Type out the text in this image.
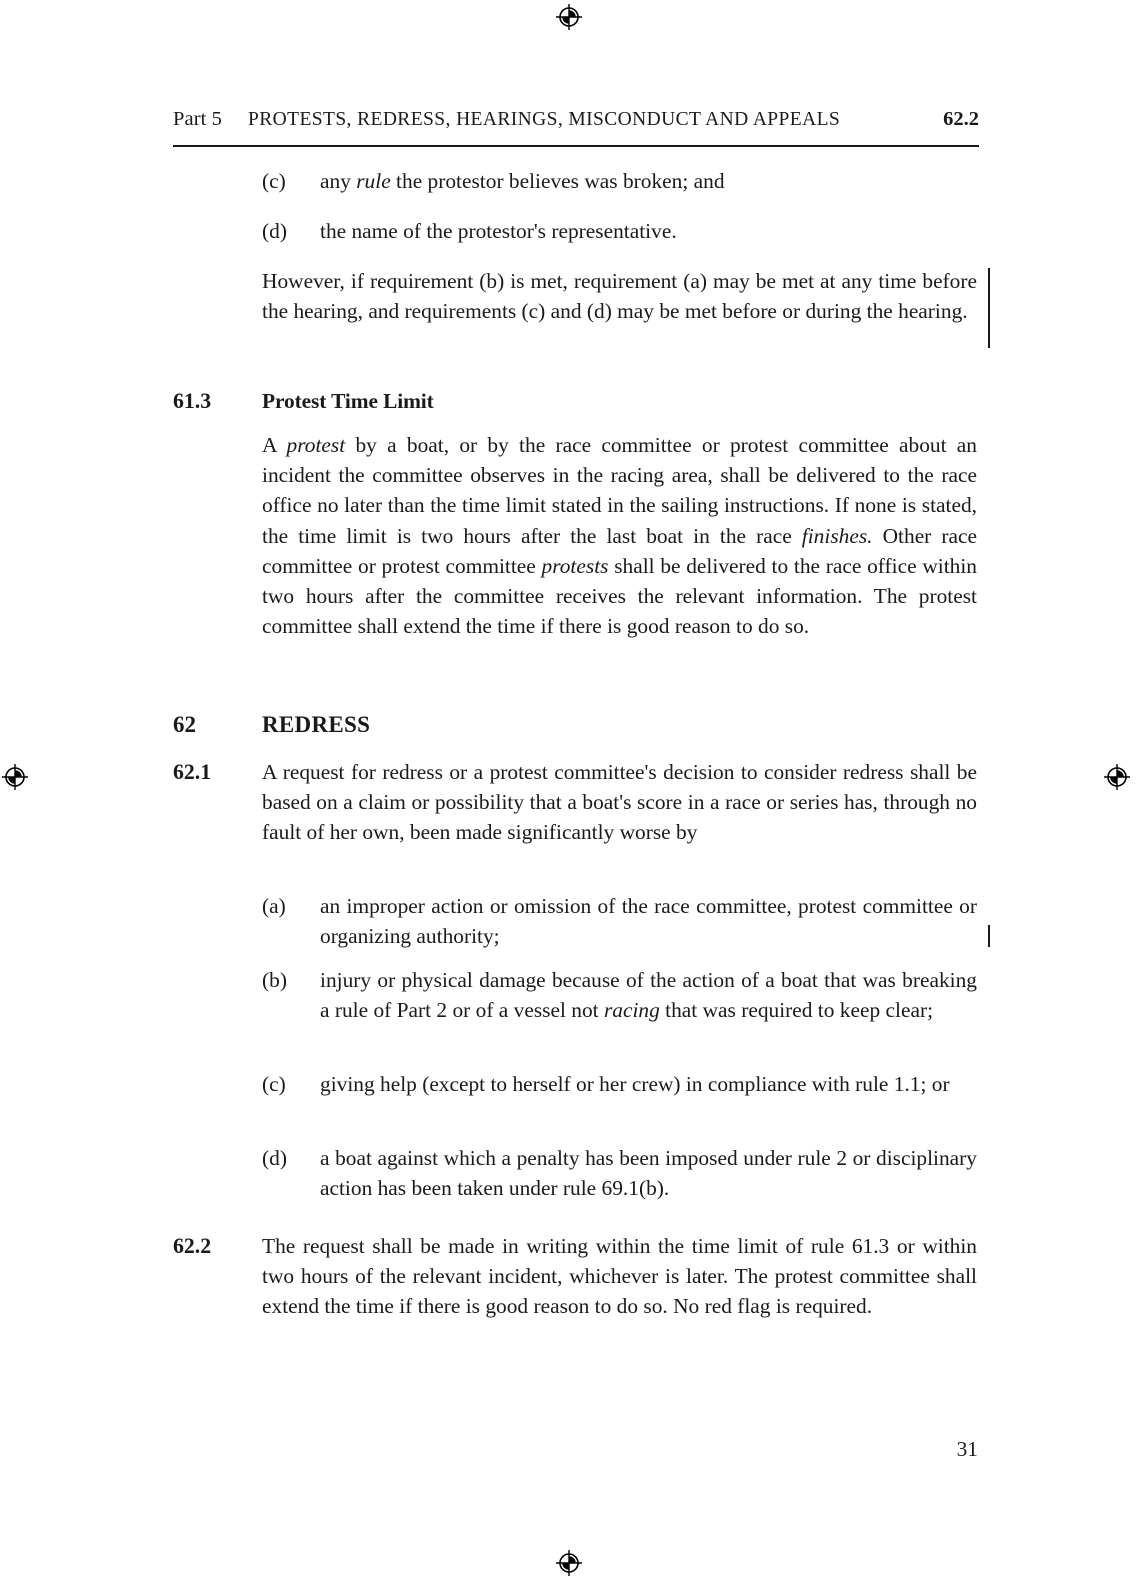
Part 5 PROTESTS, REDRESS, HEARINGS, MISCONDUCT AND APPEALS	62.2
(c)	any rule the protestor believes was broken; and
(d)	the name of the protestor's representative.
However, if requirement (b) is met, requirement (a) may be met at any time before the hearing, and requirements (c) and (d) may be met before or during the hearing.
61.3	Protest Time Limit
A protest by a boat, or by the race committee or protest committee about an incident the committee observes in the racing area, shall be delivered to the race office no later than the time limit stated in the sailing instructions. If none is stated, the time limit is two hours after the last boat in the race finishes. Other race committee or protest committee protests shall be delivered to the race office within two hours after the committee receives the relevant information. The protest committee shall extend the time if there is good reason to do so.
62	REDRESS
62.1	A request for redress or a protest committee's decision to consider redress shall be based on a claim or possibility that a boat's score in a race or series has, through no fault of her own, been made significantly worse by
(a)	an improper action or omission of the race committee, protest committee or organizing authority;
(b)	injury or physical damage because of the action of a boat that was breaking a rule of Part 2 or of a vessel not racing that was required to keep clear;
(c)	giving help (except to herself or her crew) in compliance with rule 1.1; or
(d)	a boat against which a penalty has been imposed under rule 2 or disciplinary action has been taken under rule 69.1(b).
62.2	The request shall be made in writing within the time limit of rule 61.3 or within two hours of the relevant incident, whichever is later. The protest committee shall extend the time if there is good reason to do so. No red flag is required.
31
